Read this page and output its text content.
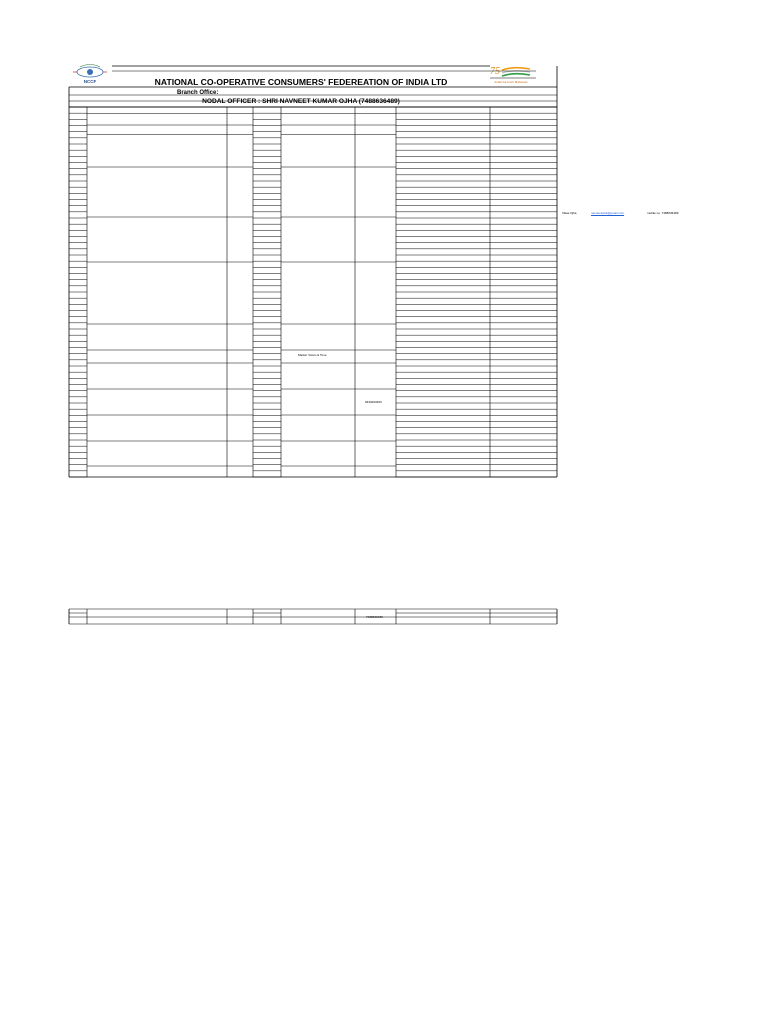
NCCF
75
Azadi Ka Amrit Mahotsav
NATIONAL CO-OPERATIVE CONSUMERS' FEDEREATION OF INDIA LTD
Branch Office:
NODAL OFFICER : SHRI NAVNEET KUMAR OJHA (7488636489)
Market Yotam & Time
9430203493
7488636489
Vikas Ojha	navneetojha@gmail.com	mobile no. 7488636489
